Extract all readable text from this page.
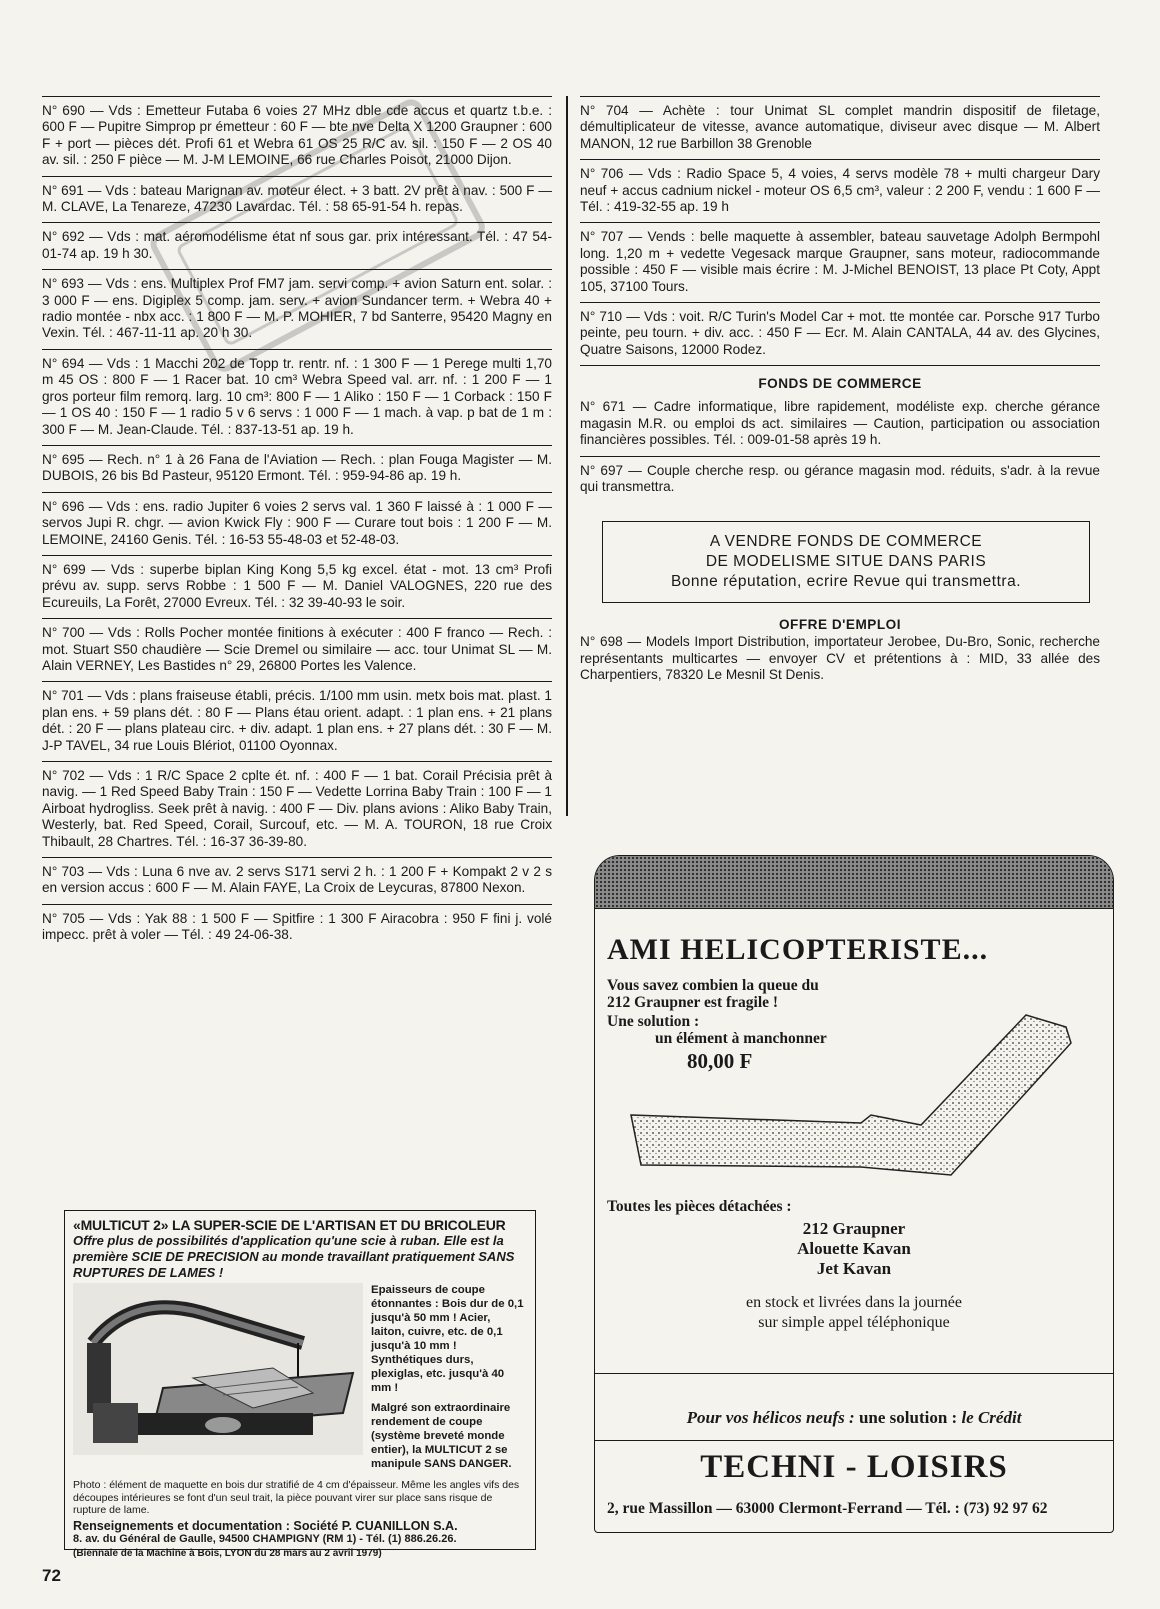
N° 690 — Vds : Emetteur Futaba 6 voies 27 MHz dble cde accus et quartz t.b.e. : 600 F — Pupitre Simprop pr émetteur : 60 F — bte nve Delta X 1200 Graupner : 600 F + port — pièces dét. Profi 61 et Webra 61 OS 25 R/C av. sil. : 150 F — 2 OS 40 av. sil. : 250 F pièce — M. J-M LEMOINE, 66 rue Charles Poisot, 21000 Dijon.

N° 691 — Vds : bateau Marignan av. moteur élect. + 3 batt. 2V prêt à nav. : 500 F — M. CLAVE, La Tenareze, 47230 Lavardac. Tél. : 58 65-91-54 h. repas.

N° 692 — Vds : mat. aéromodélisme état nf sous gar. prix intéressant. Tél. : 47 54-01-74 ap. 19 h 30.

N° 693 — Vds : ens. Multiplex Prof FM7 jam. servi comp. + avion Saturn ent. solar. : 3 000 F — ens. Digiplex 5 comp. jam. serv. + avion Sundancer term. + Webra 40 + radio montée - nbx acc. : 1 800 F — M. P. MOHIER, 7 bd Santerre, 95420 Magny en Vexin. Tél. : 467-11-11 ap. 20 h 30.

N° 694 — Vds : 1 Macchi 202 de Topp tr. rentr. nf. : 1 300 F — 1 Perege multi 1,70 m 45 OS : 800 F — 1 Racer bat. 10 cm³ Webra Speed val. arr. nf. : 1 200 F — 1 gros porteur film remorq. larg. 10 cm³: 800 F — 1 Aliko : 150 F — 1 Corback : 150 F — 1 OS 40 : 150 F — 1 radio 5 v 6 servs : 1 000 F — 1 mach. à vap. p bat de 1 m : 300 F — M. Jean-Claude. Tél. : 837-13-51 ap. 19 h.

N° 695 — Rech. n° 1 à 26 Fana de l'Aviation — Rech. : plan Fouga Magister — M. DUBOIS, 26 bis Bd Pasteur, 95120 Ermont. Tél. : 959-94-86 ap. 19 h.

N° 696 — Vds : ens. radio Jupiter 6 voies 2 servs val. 1 360 F laissé à : 1 000 F — servos Jupi R. chgr. — avion Kwick Fly : 900 F — Curare tout bois : 1 200 F — M. LEMOINE, 24160 Genis. Tél. : 16-53 55-48-03 et 52-48-03.

N° 699 — Vds : superbe biplan King Kong 5,5 kg excel. état - mot. 13 cm³ Profi prévu av. supp. servs Robbe : 1 500 F — M. Daniel VALOGNES, 220 rue des Ecureuils, La Forêt, 27000 Evreux. Tél. : 32 39-40-93 le soir.

N° 700 — Vds : Rolls Pocher montée finitions à exécuter : 400 F franco — Rech. : mot. Stuart S50 chaudière — Scie Dremel ou similaire — acc. tour Unimat SL — M. Alain VERNEY, Les Bastides n° 29, 26800 Portes les Valence.

N° 701 — Vds : plans fraiseuse établi, précis. 1/100 mm usin. metx bois mat. plast. 1 plan ens. + 59 plans dét. : 80 F — Plans étau orient. adapt. : 1 plan ens. + 21 plans dét. : 20 F — plans plateau circ. + div. adapt. 1 plan ens. + 27 plans dét. : 30 F — M. J-P TAVEL, 34 rue Louis Blériot, 01100 Oyonnax.

N° 702 — Vds : 1 R/C Space 2 cplte ét. nf. : 400 F — 1 bat. Corail Précisia prêt à navig. — 1 Red Speed Baby Train : 150 F — Vedette Lorrina Baby Train : 100 F — 1 Airboat hydrogliss. Seek prêt à navig. : 400 F — Div. plans avions : Aliko Baby Train, Westerly, bat. Red Speed, Corail, Surcouf, etc. — M. A. TOURON, 18 rue Croix Thibault, 28 Chartres. Tél. : 16-37 36-39-80.

N° 703 — Vds : Luna 6 nve av. 2 servs S171 servi 2 h. : 1 200 F + Kompakt 2 v 2 s en version accus : 600 F — M. Alain FAYE, La Croix de Leycuras, 87800 Nexon.

N° 705 — Vds : Yak 88 : 1 500 F — Spitfire : 1 300 F Airacobra : 950 F fini j. volé impecc. prêt à voler — Tél. : 49 24-06-38.

N° 704 — Achète : tour Unimat SL complet mandrin dispositif de filetage, démultiplicateur de vitesse, avance automatique, diviseur avec disque — M. Albert MANON, 12 rue Barbillon 38 Grenoble

N° 706 — Vds : Radio Space 5, 4 voies, 4 servs modèle 78 + multi chargeur Dary neuf + accus cadnium nickel - moteur OS 6,5 cm³, valeur : 2 200 F, vendu : 1 600 F — Tél. : 419-32-55 ap. 19 h

N° 707 — Vends : belle maquette à assembler, bateau sauvetage Adolph Bermpohl long. 1,20 m + vedette Vegesack marque Graupner, sans moteur, radiocommande possible : 450 F — visible mais écrire : M. J-Michel BENOIST, 13 place Pt Coty, Appt 105, 37100 Tours.

N° 710 — Vds : voit. R/C Turin's Model Car + mot. tte montée car. Porsche 917 Turbo peinte, peu tourn. + div. acc. : 450 F — Ecr. M. Alain CANTALA, 44 av. des Glycines, Quatre Saisons, 12000 Rodez.

FONDS DE COMMERCE

N° 671 — Cadre informatique, libre rapidement, modéliste exp. cherche gérance magasin M.R. ou emploi ds act. similaires — Caution, participation ou association financières possibles. Tél. : 009-01-58 après 19 h.

N° 697 — Couple cherche resp. ou gérance magasin mod. réduits, s'adr. à la revue qui transmettra.

A VENDRE FONDS DE COMMERCE
DE MODELISME SITUE DANS PARIS
Bonne réputation, ecrire Revue qui transmettra.
OFFRE D'EMPLOI

N° 698 — Models Import Distribution, importateur Jerobee, Du-Bro, Sonic, recherche représentants multicartes — envoyer CV et prétentions à : MID, 33 allée des Charpentiers, 78320 Le Mesnil St Denis.

«MULTICUT 2» LA SUPER-SCIE DE L'ARTISAN ET DU BRICOLEUR
Offre plus de possibilités d'application qu'une scie à ruban. Elle est la première SCIE DE PRECISION au monde travaillant pratiquement SANS RUPTURES DE LAMES !

Epaisseurs de coupe étonnantes : Bois dur de 0,1 jusqu'à 50 mm ! Acier, laiton, cuivre, etc. de 0,1 jusqu'à 10 mm ! Synthétiques durs, plexiglas, etc. jusqu'à 40 mm !

Malgré son extraordinaire rendement de coupe (système breveté monde entier), la MULTICUT 2 se manipule SANS DANGER.

Photo : élément de maquette en bois dur stratifié de 4 cm d'épaisseur. Même les angles vifs des découpes intérieures se font d'un seul trait, la pièce pouvant virer sur place sans risque de rupture de lame.
Renseignements et documentation : Société P. CUANILLON S.A.
8. av. du Général de Gaulle, 94500 CHAMPIGNY (RM 1) - Tél. (1) 886.26.26.
(Biennale de la Machine à Bois, LYON du 28 mars au 2 avril 1979)
AMI HELICOPTERISTE...
Vous savez combien la queue du
212 Graupner est fragile !
Une solution :
un élément à manchonner
80,00 F
Toutes les pièces détachées :
212 Graupner
Alouette Kavan
Jet Kavan
en stock et livrées dans la journée
sur simple appel téléphonique
Pour vos hélicos neufs : une solution : le Crédit
TECHNI - LOISIRS
2, rue Massillon — 63000 Clermont-Ferrand — Tél. : (73) 92 97 62
72
